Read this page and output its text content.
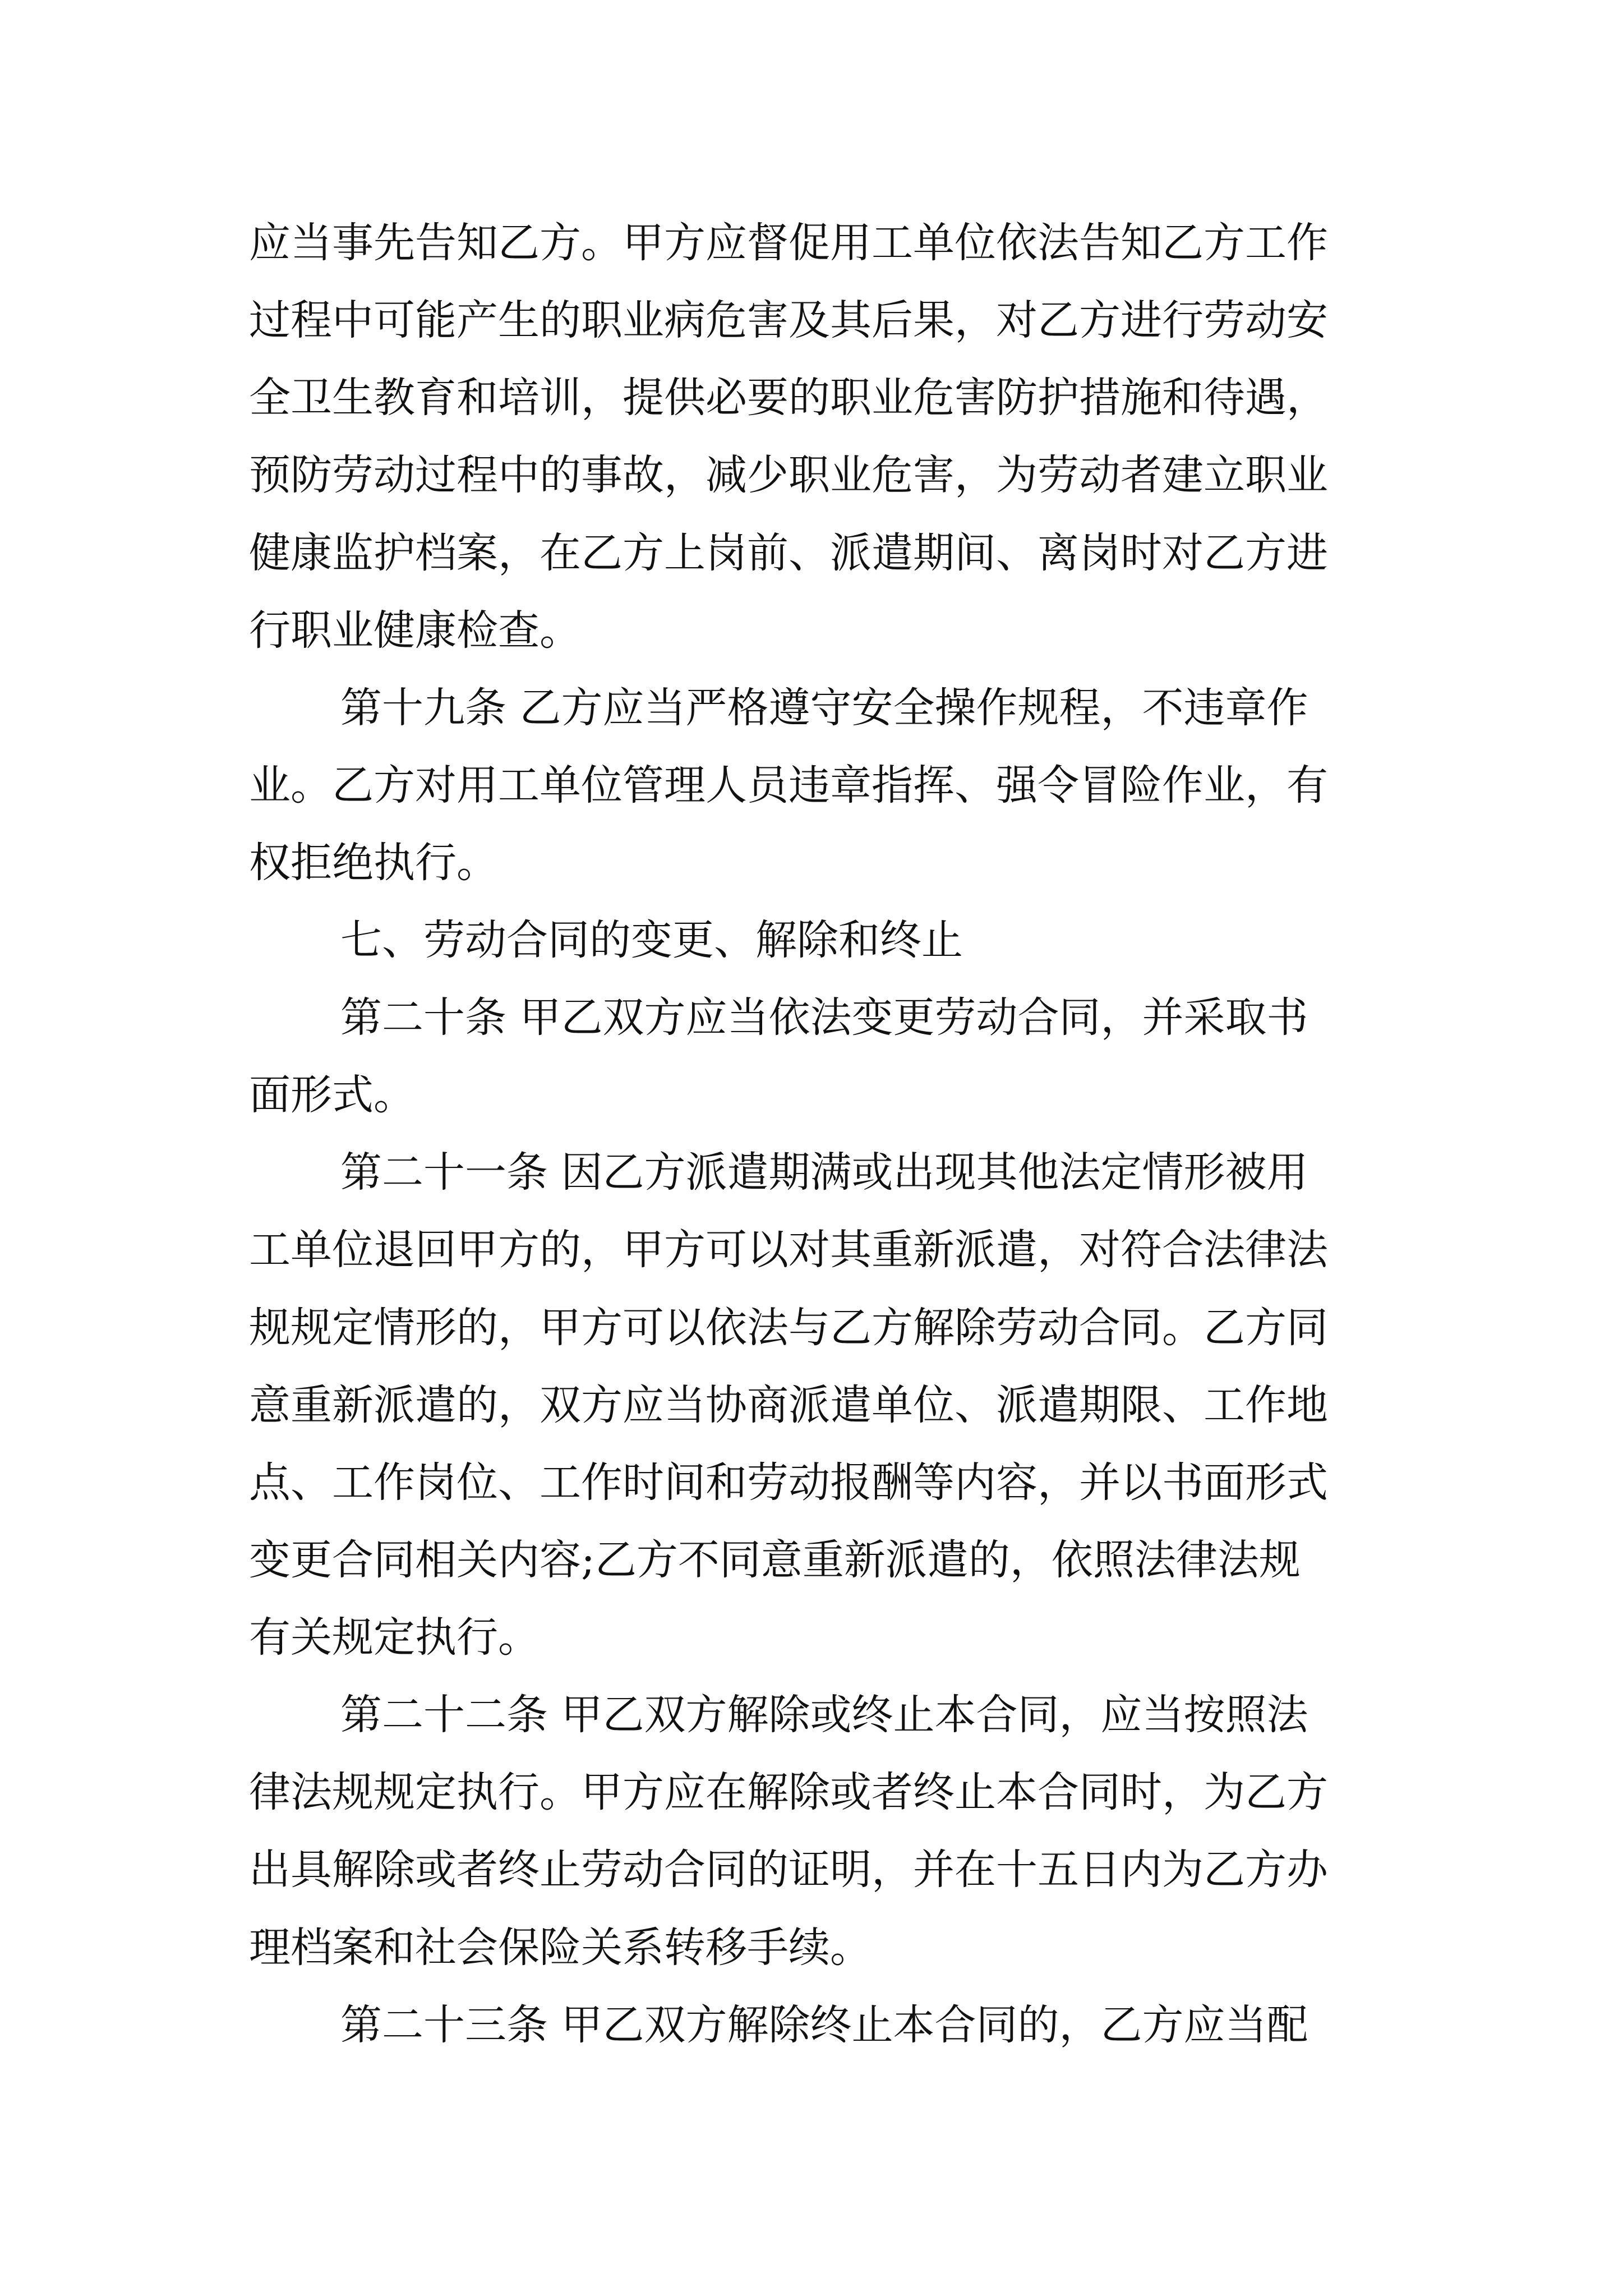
应当事先告知乙方。甲方应督促用工单位依法告知乙方工作

过程中可能产生的职业病危害及其后果，对乙方进行劳动安

全卫生教育和培训，提供必要的职业危害防护措施和待遇，

预防劳动过程中的事故，减少职业危害，为劳动者建立职业

健康监护档案，在乙方上岗前、派遣期间、离岗时对乙方进

行职业健康检查。

第十九条 乙方应当严格遵守安全操作规程，不违章作

业。乙方对用工单位管理人员违章指挥、强令冒险作业，有

权拒绝执行。

七、劳动合同的变更、解除和终止

第二十条 甲乙双方应当依法变更劳动合同，并采取书

面形式。

第二十一条 因乙方派遣期满或出现其他法定情形被用

工单位退回甲方的，甲方可以对其重新派遣，对符合法律法

规规定情形的，甲方可以依法与乙方解除劳动合同。乙方同

意重新派遣的，双方应当协商派遣单位、派遣期限、工作地

点、工作岗位、工作时间和劳动报酬等内容，并以书面形式

变更合同相关内容;乙方不同意重新派遣的，依照法律法规

有关规定执行。

第二十二条 甲乙双方解除或终止本合同，应当按照法

律法规规定执行。甲方应在解除或者终止本合同时，为乙方

出具解除或者终止劳动合同的证明，并在十五日内为乙方办

理档案和社会保险关系转移手续。

第二十三条 甲乙双方解除终止本合同的，乙方应当配
